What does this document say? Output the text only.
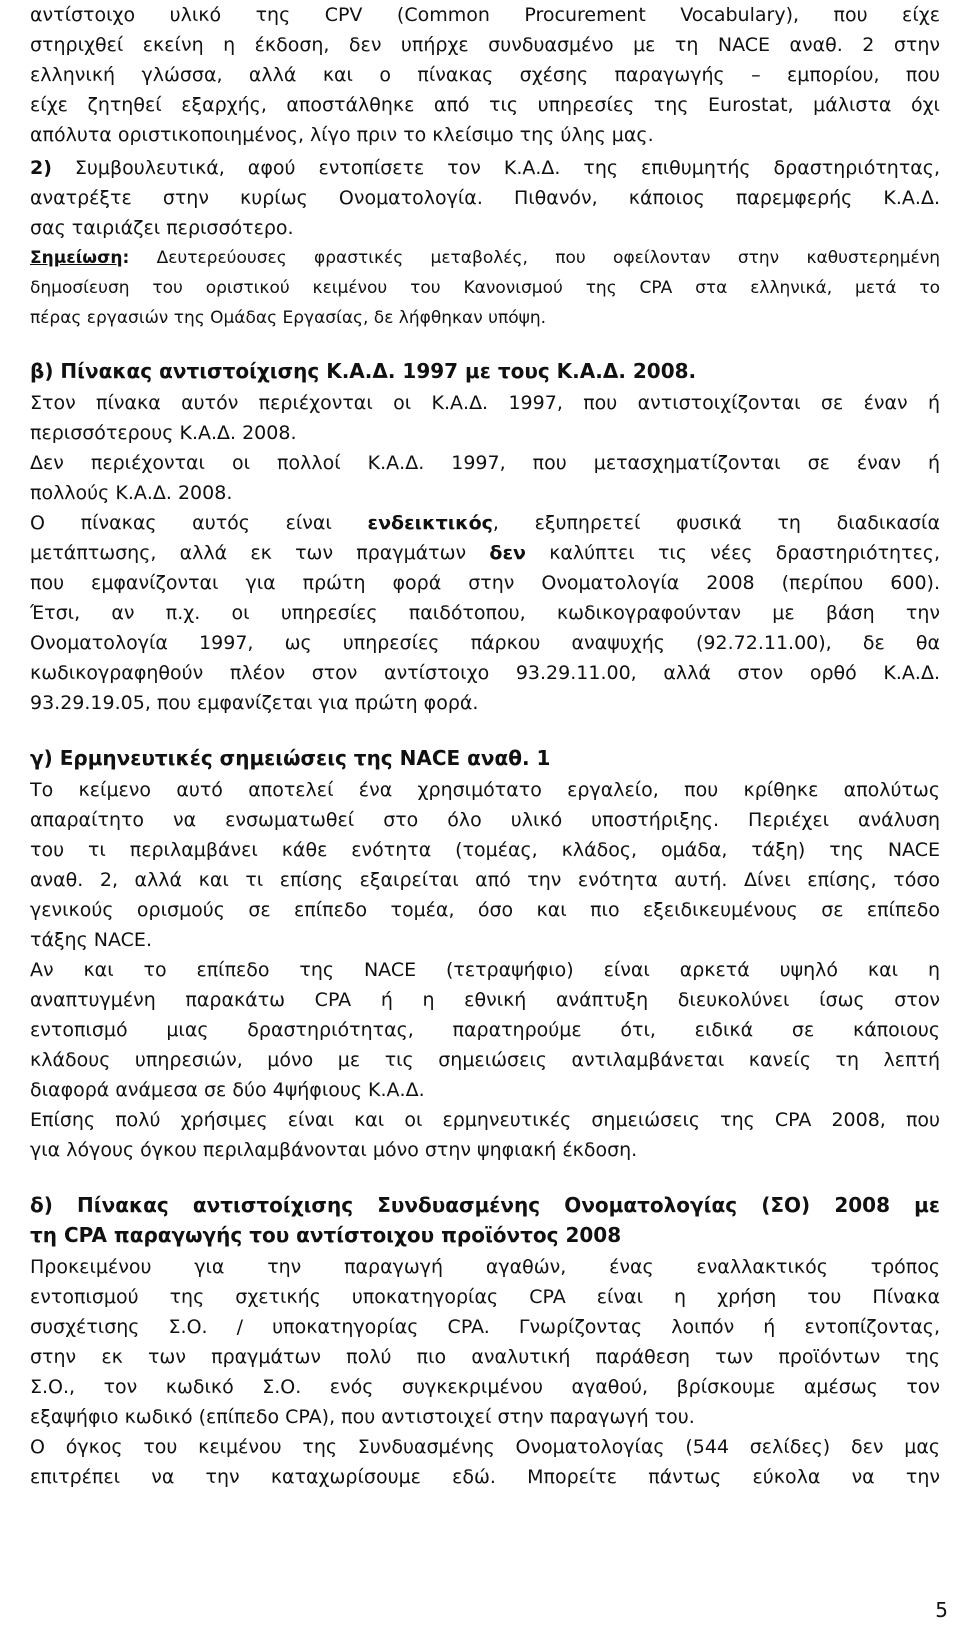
αντίστοιχο υλικό της CPV (Common Procurement Vocabulary), που είχε
στηριχθεί εκείνη η έκδοση, δεν υπήρχε συνδυασμένο με τη NACE αναθ. 2 στην
ελληνική γλώσσα, αλλά και ο πίνακας σχέσης παραγωγής – εμπορίου, που
είχε ζητηθεί εξαρχής, αποστάλθηκε από τις υπηρεσίες της Eurostat, μάλιστα όχι
απόλυτα οριστικοποιημένος, λίγο πριν το κλείσιμο της ύλης μας.
2) Συμβουλευτικά, αφού εντοπίσετε τον Κ.Α.Δ. της επιθυμητής δραστηριότητας,
ανατρέξτε στην κυρίως Ονοματολογία. Πιθανόν, κάποιος παρεμφερής Κ.Α.Δ.
σας ταιριάζει περισσότερο.
Σημείωση: Δευτερεύουσες φραστικές μεταβολές, που οφείλονταν στην καθυστερημένη
δημοσίευση του οριστικού κειμένου του Κανονισμού της CPA στα ελληνικά, μετά το
πέρας εργασιών της Ομάδας Εργασίας, δε λήφθηκαν υπόψη.
β) Πίνακας αντιστοίχισης Κ.Α.Δ. 1997 με τους Κ.Α.Δ. 2008.
Στον πίνακα αυτόν περιέχονται οι Κ.Α.Δ. 1997, που αντιστοιχίζονται σε έναν ή
περισσότερους Κ.Α.Δ. 2008.
Δεν περιέχονται οι πολλοί Κ.Α.Δ. 1997, που μετασχηματίζονται σε έναν ή
πολλούς Κ.Α.Δ. 2008.
Ο πίνακας αυτός είναι ενδεικτικός, εξυπηρετεί φυσικά τη διαδικασία
μετάπτωσης, αλλά εκ των πραγμάτων δεν καλύπτει τις νέες δραστηριότητες,
που εμφανίζονται για πρώτη φορά στην Ονοματολογία 2008 (περίπου 600).
Έτσι, αν π.χ. οι υπηρεσίες παιδότοπου, κωδικογραφούνταν με βάση την
Ονοματολογία 1997, ως υπηρεσίες πάρκου αναψυχής (92.72.11.00), δε θα
κωδικογραφηθούν πλέον στον αντίστοιχο 93.29.11.00, αλλά στον ορθό Κ.Α.Δ.
93.29.19.05, που εμφανίζεται για πρώτη φορά.
γ) Ερμηνευτικές σημειώσεις της NACE αναθ. 1
Το κείμενο αυτό αποτελεί ένα χρησιμότατο εργαλείο, που κρίθηκε απολύτως
απαραίτητο να ενσωματωθεί στο όλο υλικό υποστήριξης. Περιέχει ανάλυση
του τι περιλαμβάνει κάθε ενότητα (τομέας, κλάδος, ομάδα, τάξη) της NACE
αναθ. 2, αλλά και τι επίσης εξαιρείται από την ενότητα αυτή. Δίνει επίσης, τόσο
γενικούς ορισμούς σε επίπεδο τομέα, όσο και πιο εξειδικευμένους σε επίπεδο
τάξης NACE.
Αν και το επίπεδο της NACE (τετραψήφιο) είναι αρκετά υψηλό και η
αναπτυγμένη παρακάτω CPA ή η εθνική ανάπτυξη διευκολύνει ίσως στον
εντοπισμό μιας δραστηριότητας, παρατηρούμε ότι, ειδικά σε κάποιους
κλάδους υπηρεσιών, μόνο με τις σημειώσεις αντιλαμβάνεται κανείς τη λεπτή
διαφορά ανάμεσα σε δύο 4ψήφιους Κ.Α.Δ.
Επίσης πολύ χρήσιμες είναι και οι ερμηνευτικές σημειώσεις της CPA 2008, που
για λόγους όγκου περιλαμβάνονται μόνο στην ψηφιακή έκδοση.
δ) Πίνακας αντιστοίχισης Συνδυασμένης Ονοματολογίας (ΣΟ) 2008 με
τη CPA παραγωγής του αντίστοιχου προϊόντος 2008
Προκειμένου για την παραγωγή αγαθών, ένας εναλλακτικός τρόπος
εντοπισμού της σχετικής υποκατηγορίας CPA είναι η χρήση του Πίνακα
συσχέτισης Σ.Ο. / υποκατηγορίας CPA. Γνωρίζοντας λοιπόν ή εντοπίζοντας,
στην εκ των πραγμάτων πολύ πιο αναλυτική παράθεση των προϊόντων της
Σ.Ο., τον κωδικό Σ.Ο. ενός συγκεκριμένου αγαθού, βρίσκουμε αμέσως τον
εξαψήφιο κωδικό (επίπεδο CPA), που αντιστοιχεί στην παραγωγή του.
Ο όγκος του κειμένου της Συνδυασμένης Ονοματολογίας (544 σελίδες) δεν μας
επιτρέπει να την καταχωρίσουμε εδώ. Μπορείτε πάντως εύκολα να την
5
